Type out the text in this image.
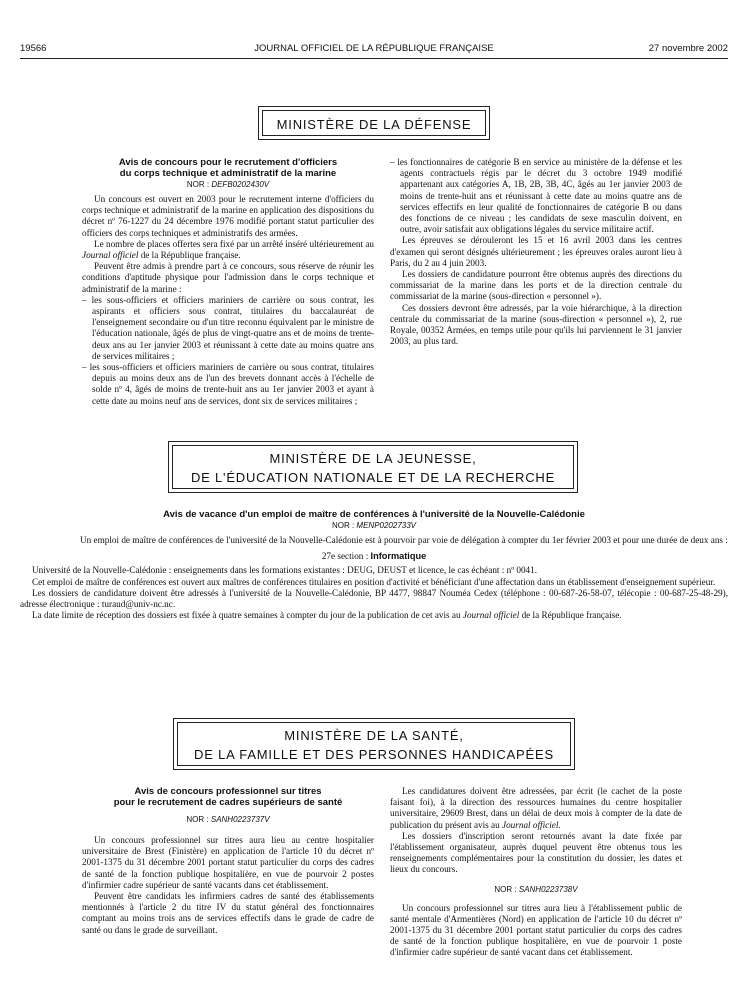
19566	JOURNAL OFFICIEL DE LA RÉPUBLIQUE FRANÇAISE	27 novembre 2002
MINISTÈRE DE LA DÉFENSE
Avis de concours pour le recrutement d'officiers
du corps technique et administratif de la marine
NOR : DEFB0202430V

Un concours est ouvert en 2003 pour le recrutement interne d'officiers du corps technique et administratif de la marine en application des dispositions du décret nº 76-1227 du 24 décembre 1976 modifié portant statut particulier des officiers des corps techniques et administratifs des armées.

Le nombre de places offertes sera fixé par un arrêté inséré ultérieurement au Journal officiel de la République française.

Peuvent être admis à prendre part à ce concours, sous réserve de réunir les conditions d'aptitude physique pour l'admission dans le corps technique et administratif de la marine :

– les sous-officiers et officiers mariniers de carrière ou sous contrat, les aspirants et officiers sous contrat, titulaires du baccalauréat de l'enseignement secondaire ou d'un titre reconnu équivalent par le ministre de l'éducation nationale, âgés de plus de vingt-quatre ans et de moins de trente-deux ans au 1er janvier 2003 et réunissant à cette date au moins quatre ans de services militaires ;

– les sous-officiers et officiers mariniers de carrière ou sous contrat, titulaires depuis au moins deux ans de l'un des brevets donnant accès à l'échelle de solde nº 4, âgés de moins de trente-huit ans au 1er janvier 2003 et ayant à cette date au moins neuf ans de services, dont six de services militaires ;

– les fonctionnaires de catégorie B en service au ministère de la défense et les agents contractuels régis par le décret du 3 octobre 1949 modifié appartenant aux catégories A, 1B, 2B, 3B, 4C, âgés au 1er janvier 2003 de moins de trente-huit ans et réunissant à cette date au moins quatre ans de services effectifs en leur qualité de fonctionnaires de catégorie B ou dans des fonctions de ce niveau ; les candidats de sexe masculin doivent, en outre, avoir satisfait aux obligations légales du service militaire actif.

Les épreuves se dérouleront les 15 et 16 avril 2003 dans les centres d'examen qui seront désignés ultérieurement ; les épreuves orales auront lieu à Paris, du 2 au 4 juin 2003.

Les dossiers de candidature pourront être obtenus auprès des directions du commissariat de la marine dans les ports et de la direction centrale du commissariat de la marine (sous-direction « personnel »).

Ces dossiers devront être adressés, par la voie hiérarchique, à la direction centrale du commissariat de la marine (sous-direction « personnel »), 2, rue Royale, 00352 Armées, en temps utile pour qu'ils lui parviennent le 31 janvier 2003, au plus tard.

MINISTÈRE DE LA JEUNESSE,
DE L'ÉDUCATION NATIONALE ET DE LA RECHERCHE
Avis de vacance d'un emploi de maître de conférences à l'université de la Nouvelle-Calédonie
NOR : MENP0202733V

Un emploi de maître de conférences de l'université de la Nouvelle-Calédonie est à pourvoir par voie de délégation à compter du 1er février 2003 et pour une durée de deux ans :

27e section : Informatique

Université de la Nouvelle-Calédonie : enseignements dans les formations existantes : DEUG, DEUST et licence, le cas échéant : nº 0041.

Cet emploi de maître de conférences est ouvert aux maîtres de conférences titulaires en position d'activité et bénéficiant d'une affectation dans un établissement d'enseignement supérieur.

Les dossiers de candidature doivent être adressés à l'université de la Nouvelle-Calédonie, BP 4477, 98847 Nouméa Cedex (téléphone : 00-687-26-58-07, télécopie : 00-687-25-48-29), adresse électronique : turaud@univ-nc.nc.

La date limite de réception des dossiers est fixée à quatre semaines à compter du jour de la publication de cet avis au Journal officiel de la République française.

MINISTÈRE DE LA SANTÉ,
DE LA FAMILLE ET DES PERSONNES HANDICAPÉES
Avis de concours professionnel sur titres
pour le recrutement de cadres supérieurs de santé
NOR : SANH0223737V

Un concours professionnel sur titres aura lieu au centre hospitalier universitaire de Brest (Finistère) en application de l'article 10 du décret nº 2001-1375 du 31 décembre 2001 portant statut particulier du corps des cadres de santé de la fonction publique hospitalière, en vue de pourvoir 2 postes d'infirmier cadre supérieur de santé vacants dans cet établissement.

Peuvent être candidats les infirmiers cadres de santé des établissements mentionnés à l'article 2 du titre IV du statut général des fonctionnaires comptant au moins trois ans de services effectifs dans le grade de cadre de santé ou dans le grade de surveillant.

Les candidatures doivent être adressées, par écrit (le cachet de la poste faisant foi), à la direction des ressources humaines du centre hospitalier universitaire, 29609 Brest, dans un délai de deux mois à compter de la date de publication du présent avis au Journal officiel.

Les dossiers d'inscription seront retournés avant la date fixée par l'établissement organisateur, auprès duquel peuvent être obtenus tous les renseignements complémentaires pour la constitution du dossier, les dates et lieux du concours.

NOR : SANH0223738V

Un concours professionnel sur titres aura lieu à l'établissement public de santé mentale d'Armentières (Nord) en application de l'article 10 du décret nº 2001-1375 du 31 décembre 2001 portant statut particulier du corps des cadres de santé de la fonction publique hospitalière, en vue de pourvoir 1 poste d'infirmier cadre supérieur de santé vacant dans cet établissement.
